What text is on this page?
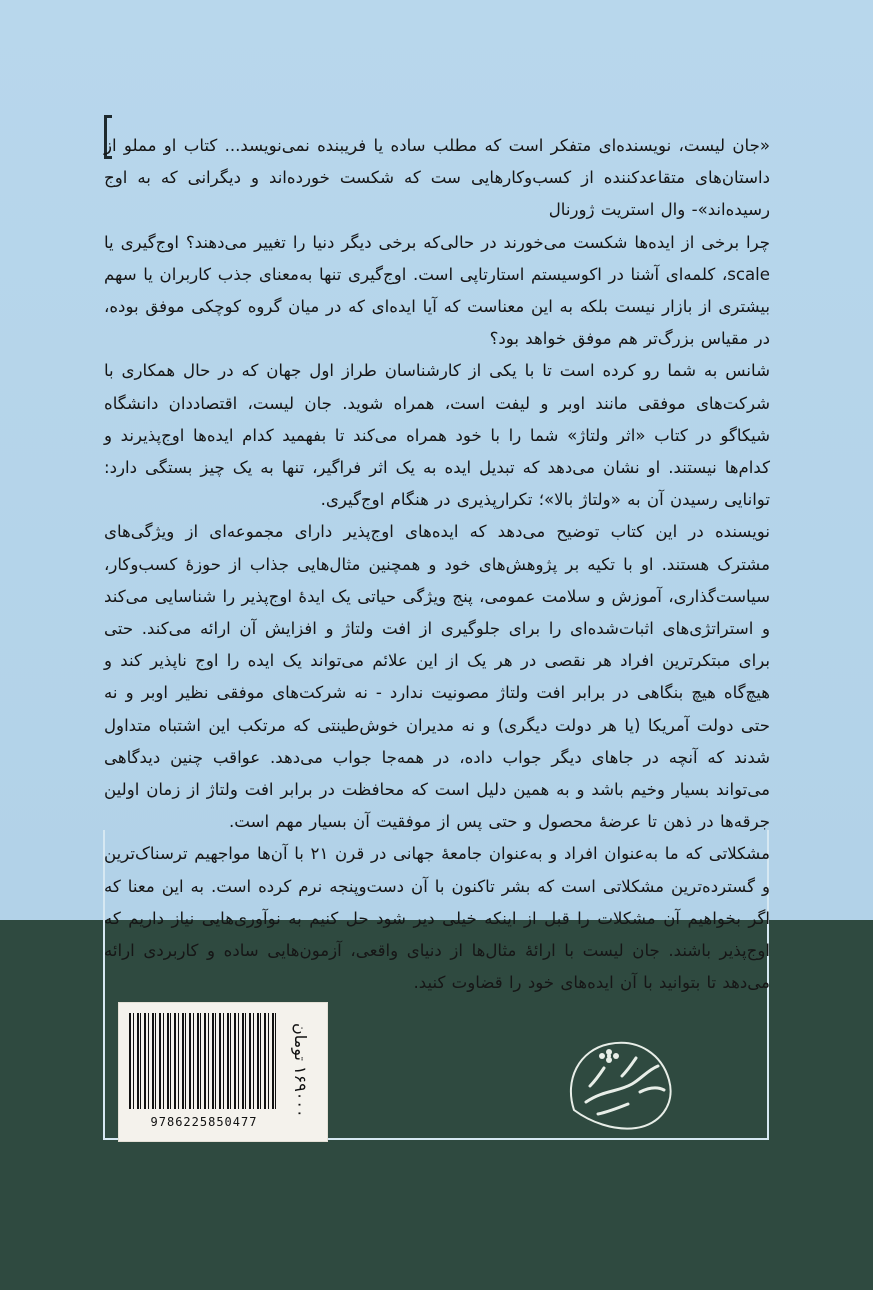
«جان لیست، نویسنده‌ای متفکر است که مطلب ساده یا فریبنده نمی‌نویسد... کتاب او مملو از داستان‌های متقاعدکننده از کسب‌وکارهایی ست که شکست خورده‌اند و دیگرانی که به اوج رسیده‌اند»- وال استریت ژورنال

چرا برخی از ایده‌ها شکست می‌خورند در حالی‌که برخی دیگر دنیا را تغییر می‌دهند؟ اوج‌گیری یا scale، کلمه‌ای آشنا در اکوسیستم استارتاپی است. اوج‌گیری تنها به‌معنای جذب کاربران یا سهم بیشتری از بازار نیست بلکه به این معناست که آیا ایده‌ای که در میان گروه کوچکی موفق بوده، در مقیاس بزرگ‌تر هم موفق خواهد بود؟

شانس به شما رو کرده است تا با یکی از کارشناسان طراز اول جهان که در حال همکاری با شرکت‌های موفقی مانند اوبر و لیفت است، همراه شوید. جان لیست، اقتصاددان دانشگاه شیکاگو در کتاب «اثر ولتاژ» شما را با خود همراه می‌کند تا بفهمید کدام ایده‌ها اوج‌پذیرند و کدام‌ها نیستند. او نشان می‌دهد که تبدیل ایده به یک اثر فراگیر، تنها به یک چیز بستگی دارد: توانایی رسیدن آن به «ولتاژ بالا»؛ تکرارپذیری در هنگام اوج‌گیری.

نویسنده در این کتاب توضیح می‌دهد که ایده‌های اوج‌پذیر دارای مجموعه‌ای از ویژگی‌های مشترک هستند. او با تکیه بر پژوهش‌های خود و همچنین مثال‌هایی جذاب از حوزهٔ کسب‌وکار، سیاست‌گذاری، آموزش و سلامت عمومی، پنج ویژگی حیاتی یک ایدهٔ اوج‌پذیر را شناسایی می‌کند و استراتژی‌های اثبات‌شده‌ای را برای جلوگیری از افت ولتاژ و افزایش آن ارائه می‌کند. حتی برای مبتکرترین افراد هر نقصی در هر یک از این علائم می‌تواند یک ایده را اوج ناپذیر کند و هیچ‌گاه هیچ بنگاهی در برابر افت ولتاژ مصونیت ندارد - نه شرکت‌های موفقی نظیر اوبر و نه حتی دولت آمریکا (یا هر دولت دیگری) و نه مدیران خوش‌طینتی که مرتکب این اشتباه متداول شدند که آنچه در جاهای دیگر جواب داده، در همه‌جا جواب می‌دهد. عواقب چنین دیدگاهی می‌تواند بسیار وخیم باشد و به همین دلیل است که محافظت در برابر افت ولتاژ از زمان اولین جرقه‌ها در ذهن تا عرضهٔ محصول و حتی پس از موفقیت آن بسیار مهم است.

مشکلاتی که ما به‌عنوان افراد و به‌عنوان جامعهٔ جهانی در قرن ۲۱ با آن‌ها مواجهیم ترسناک‌ترین و گسترده‌ترین مشکلاتی است که بشر تاکنون با آن دست‌وپنجه نرم کرده است. به این معنا که اگر بخواهیم آن مشکلات را قبل از اینکه خیلی دیر شود حل کنیم به نوآوری‌هایی نیاز داریم که اوج‌پذیر باشند. جان لیست با ارائهٔ مثال‌ها از دنیای واقعی، آزمون‌هایی ساده و کاربردی ارائه می‌دهد تا بتوانید با آن ایده‌های خود را قضاوت کنید.

9786225850477
۱۶۹۰۰۰ تومان
